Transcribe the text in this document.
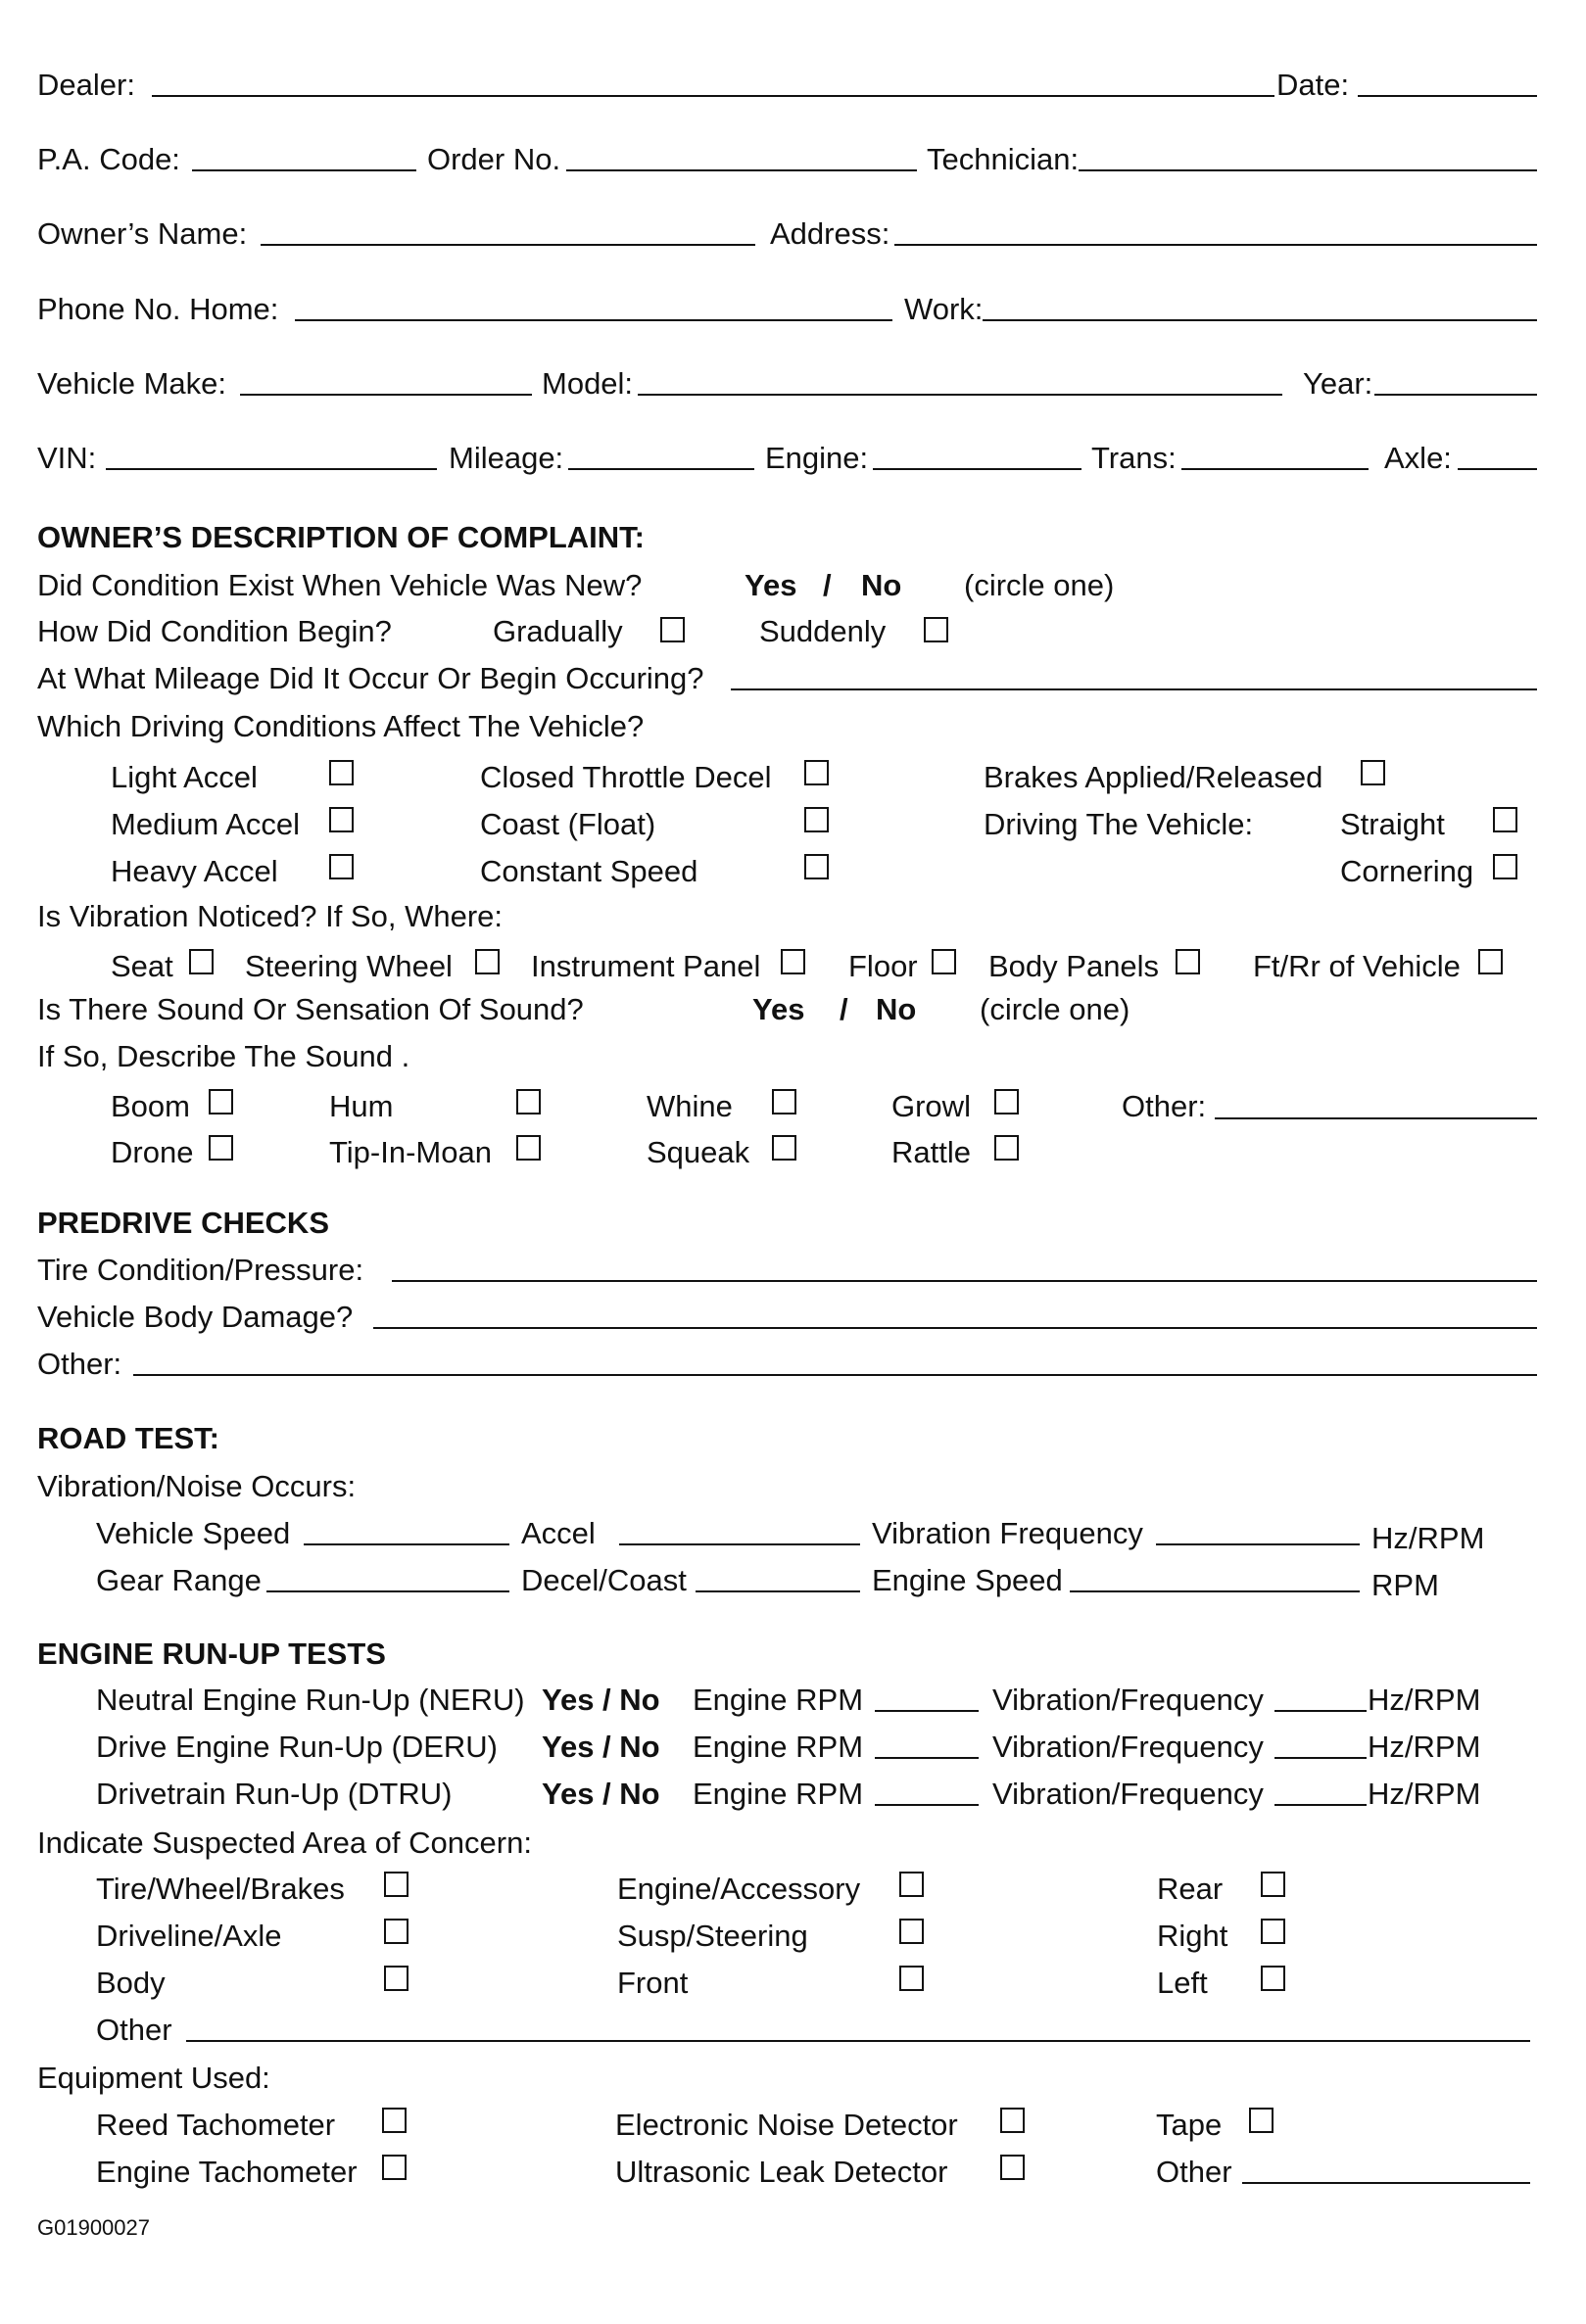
Dealer:	Date:
P.A. Code:	Order No.	Technician:
Owner’s Name:	Address:
Phone No. Home:	Work:
Vehicle Make:	Model:	Year:
VIN:	Mileage:	Engine:	Trans:	Axle:
OWNER’S DESCRIPTION OF COMPLAINT:
Did Condition Exist When Vehicle Was New?	Yes / No (circle one)
How Did Condition Begin?	Gradually	Suddenly
At What Mileage Did It Occur Or Begin Occuring?
Which Driving Conditions Affect The Vehicle?
Light Accel	Closed Throttle Decel	Brakes Applied/Released
Medium Accel	Coast (Float)	Driving The Vehicle:	Straight
Heavy Accel	Constant Speed	Cornering
Is Vibration Noticed? If So, Where:
Seat Steering Wheel	Instrument Panel	Floor Body Panels	Ft/Rr of Vehicle
Is There Sound Or Sensation Of Sound?	Yes / No (circle one)
If So, Describe The Sound .
Boom	Hum	Whine	Growl	Other:
Drone	Tip-In-Moan	Squeak	Rattle
PREDRIVE CHECKS
Tire Condition/Pressure:
Vehicle Body Damage?
Other:
ROAD TEST:
Vibration/Noise Occurs:
Vehicle Speed	Accel	Vibration Frequency	Hz/RPM
Gear Range	Decel/Coast	Engine Speed	RPM
ENGINE RUN-UP TESTS
Neutral Engine Run-Up (NERU) Yes / No Engine RPM	Vibration/Frequency	Hz/RPM
Drive Engine Run-Up (DERU) Yes / No Engine RPM	Vibration/Frequency	Hz/RPM
Drivetrain Run-Up (DTRU)	Yes / No Engine RPM	Vibration/Frequency	Hz/RPM
Indicate Suspected Area of Concern:
Tire/Wheel/Brakes	Engine/Accessory	Rear
Driveline/Axle	Susp/Steering	Right
Body	Front	Left
Other
Equipment Used:
Reed Tachometer	Electronic Noise Detector	Tape
Engine Tachometer	Ultrasonic Leak Detector	Other
G01900027
